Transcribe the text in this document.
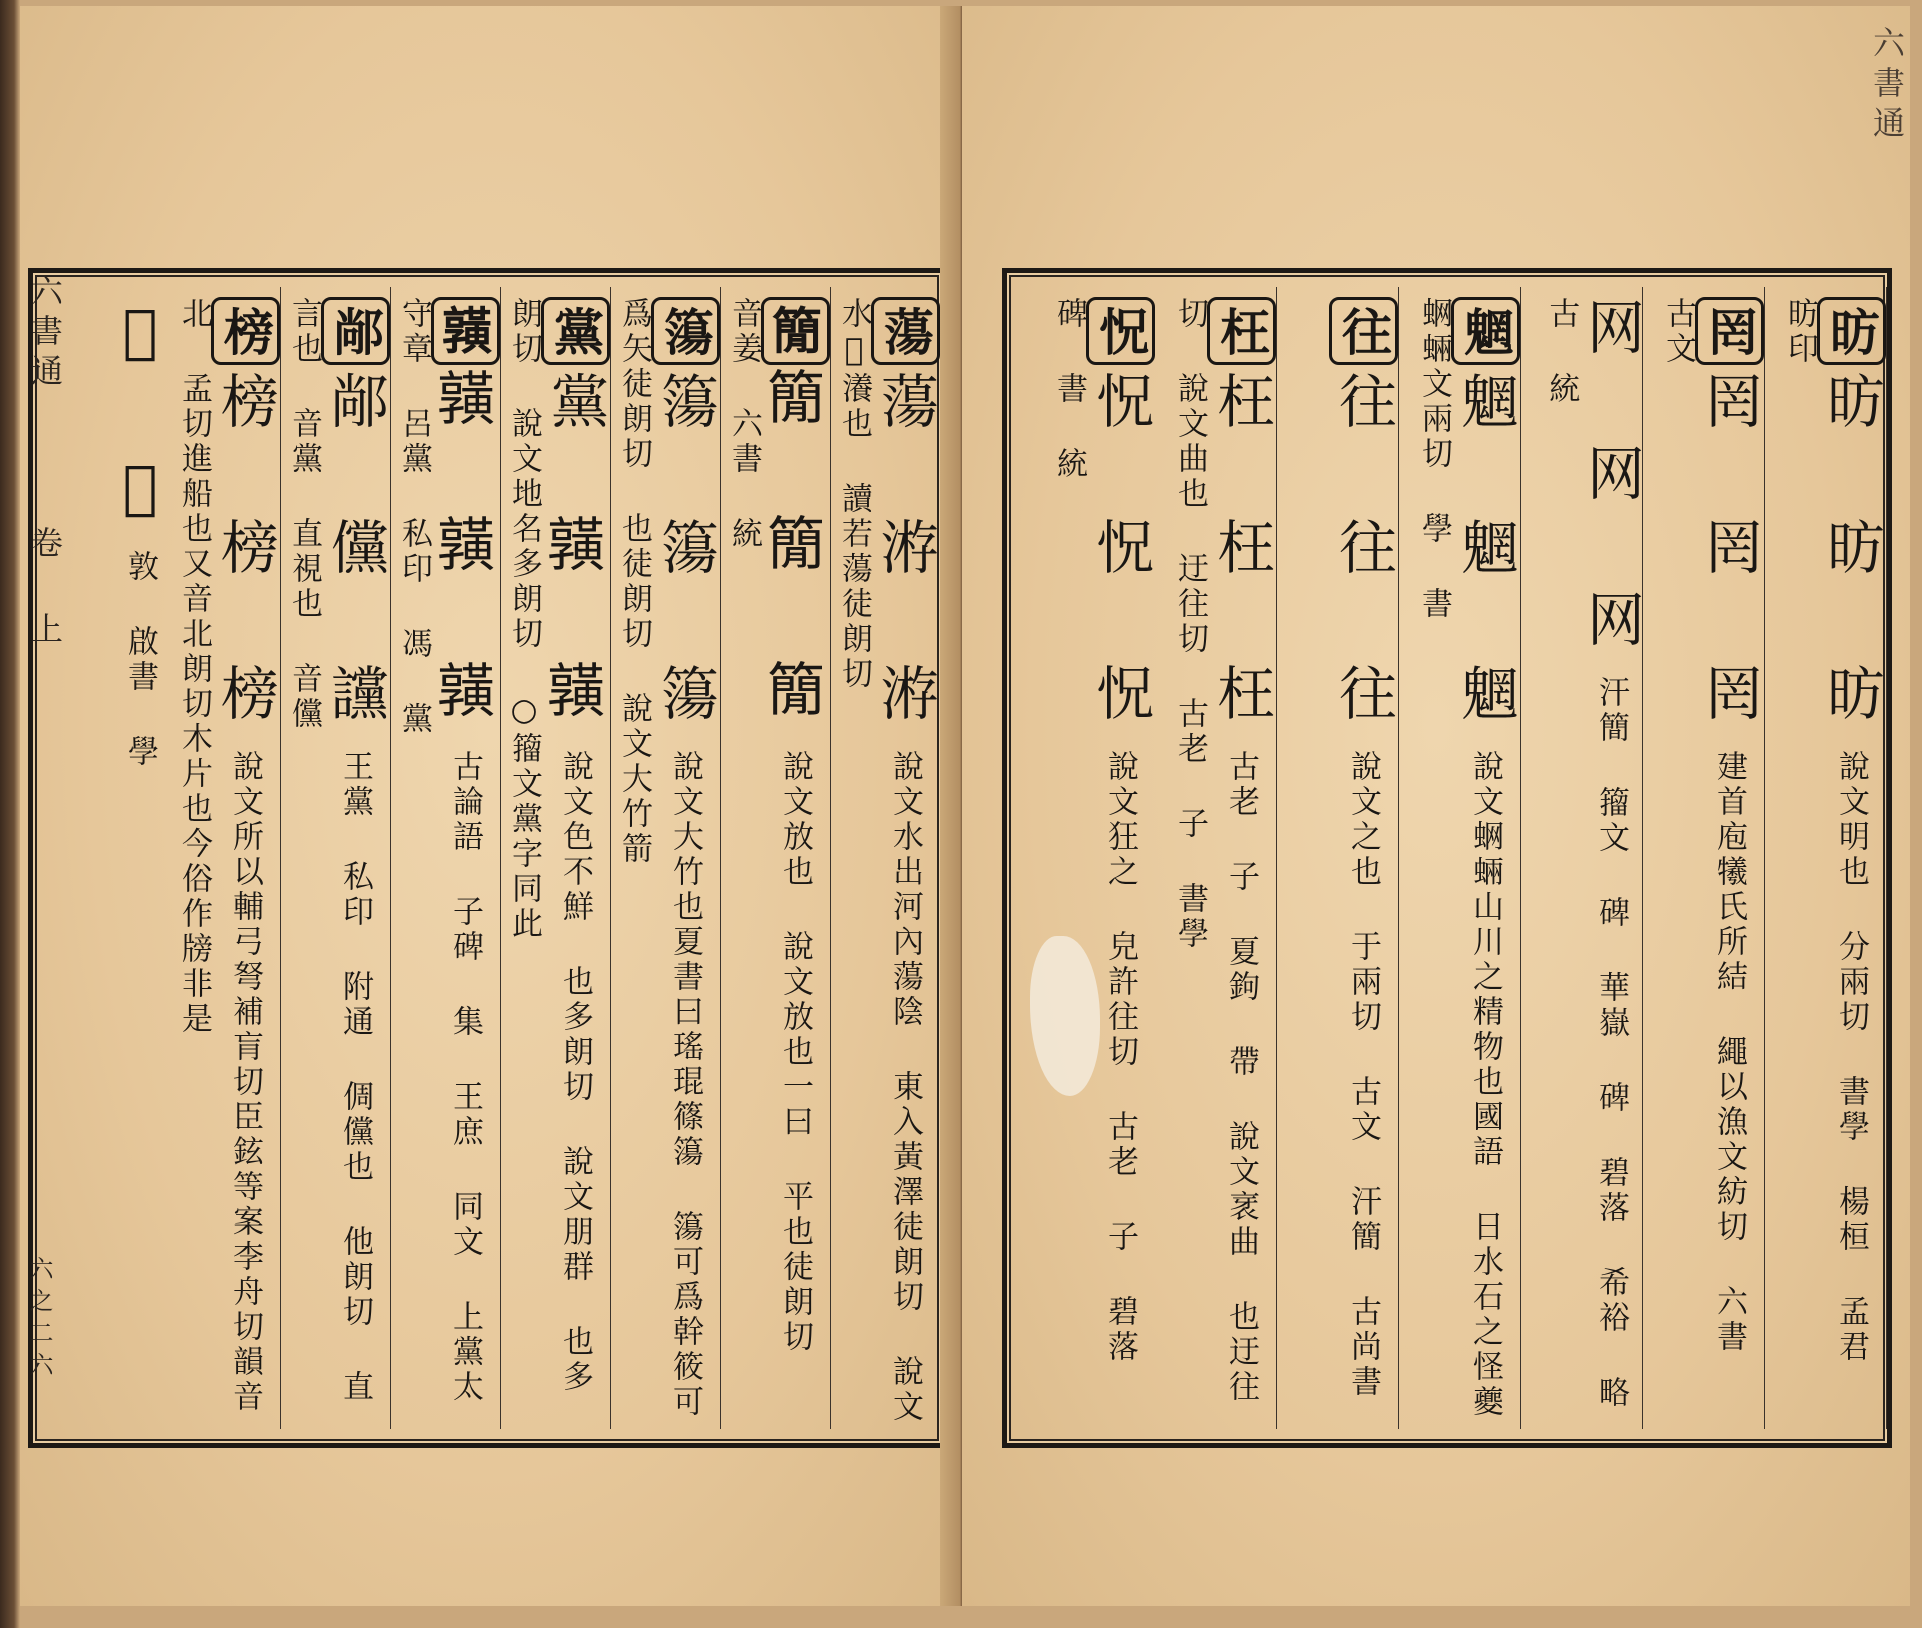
蕩蕩 𣸯 𣸯 說文水出河內蕩陰 東入黃澤徒朗切 說文水𣴑瀁也 讀若蕩徒朗切
𥳑𥳑 𥳑 𥳑 說文放也 說文放也一曰 平也徒朗切 音姜 六書 統
簜簜 簜 簜 說文大竹也夏書曰瑤琨篠簜 簜可爲幹筱可爲矢徒朗切 也徒朗切 說文大竹箭
黨黨 𪏆 𪏆 說文色不鮮 也多朗切 說文朋群 也多朗切 說文地名多朗切 ○籀文黨字同此
𪏆𪏆 𪏆 𪏆 古論語 子碑 集 王庶 同文 上黨太 守章 呂黨 私印 馮 黨
䣊䣊 儻 讜 王黨 私印 附通 倜儻也 他朗切 直言也 音黨 直視也 音儻
榜榜 榜 榜 說文所以輔弓弩補肓切臣鉉等案李舟切韻音北 孟切進船也又音北朗切木片也今俗作牓非是
𣞡 𣞡 敦 啟書 學
六書通
卷 上
六之二六
昉昉 昉 昉 說文明也 分兩切 書學 楊桓 孟君 昉印
罔罔 罔 罔 建首庖犧氏所結 繩以漁文紡切 六書 古文
网 网 网 汗簡 籀文 碑 華嶽 碑 碧落 希裕 略古 統
魍魍 魍 魍 說文蛧蜽山川之精物也國語 日水石之怪夔蛧蜽文兩切 學 書
往往 往 往 說文之也 于兩切 古文 汗簡 古尚書
枉枉 枉 枉 古老 子 夏鉤 帶 說文衺曲 也迂往切 說文曲也 迂往切 古老 子 書學
怳怳 怳 怳 說文狂之 皃許往切 古老 子 碧落 碑 書 統
六書通
